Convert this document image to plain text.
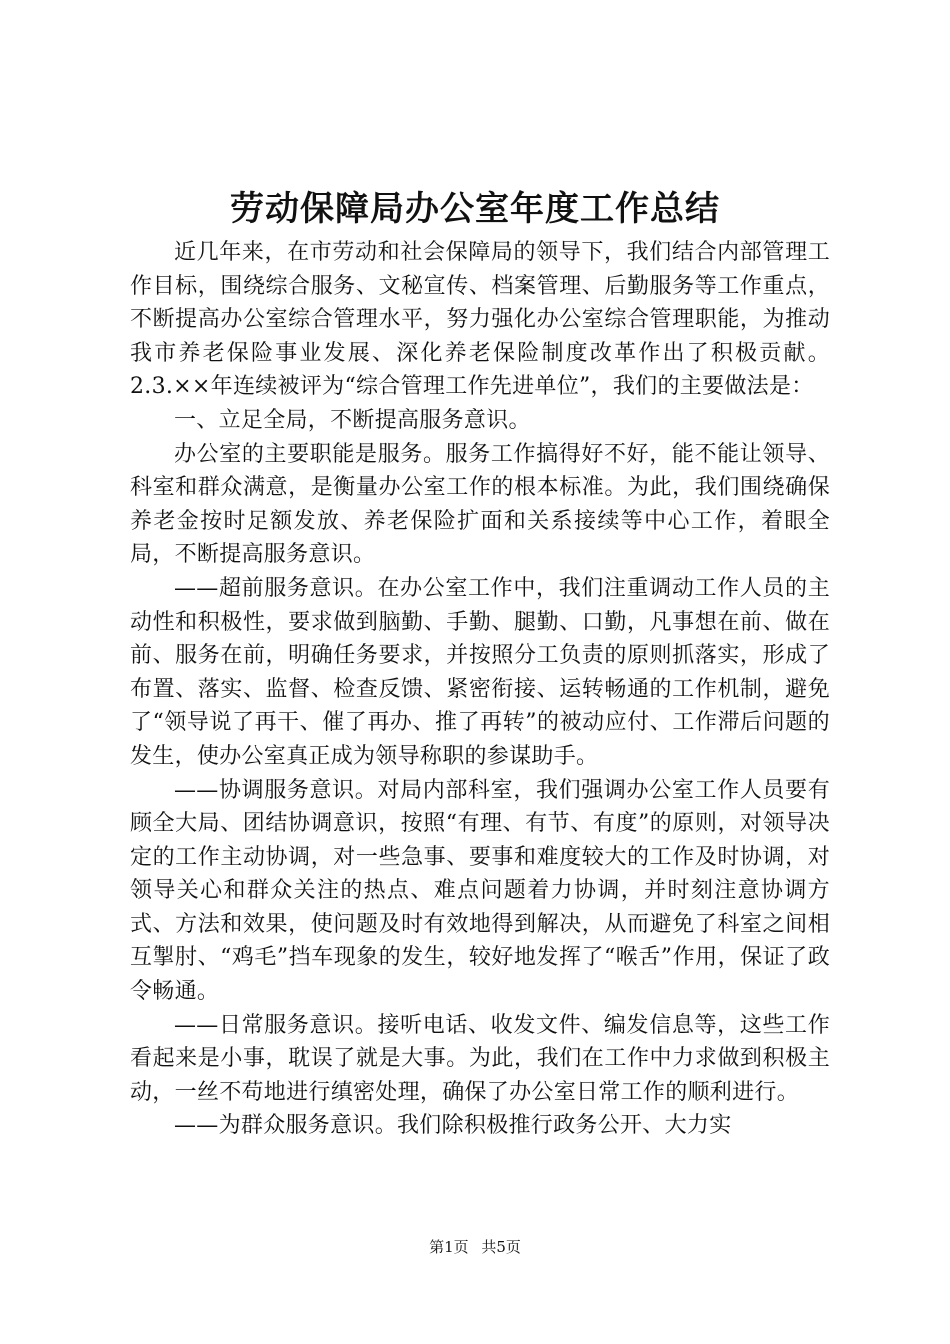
劳动保障局办公室年度工作总结

近几年来，在市劳动和社会保障局的领导下，我们结合内部管理工作目标，围绕综合服务、文秘宣传、档案管理、后勤服务等工作重点，不断提高办公室综合管理水平，努力强化办公室综合管理职能，为推动我市养老保险事业发展、深化养老保险制度改革作出了积极贡献。2.3.××年连续被评为“综合管理工作先进单位”，我们的主要做法是：

一、立足全局，不断提高服务意识。

办公室的主要职能是服务。服务工作搞得好不好，能不能让领导、科室和群众满意，是衡量办公室工作的根本标准。为此，我们围绕确保养老金按时足额发放、养老保险扩面和关系接续等中心工作，着眼全局，不断提高服务意识。

——超前服务意识。在办公室工作中，我们注重调动工作人员的主动性和积极性，要求做到脑勤、手勤、腿勤、口勤，凡事想在前、做在前、服务在前，明确任务要求，并按照分工负责的原则抓落实，形成了布置、落实、监督、检查反馈、紧密衔接、运转畅通的工作机制，避免了“领导说了再干、催了再办、推了再转”的被动应付、工作滞后问题的发生，使办公室真正成为领导称职的参谋助手。

——协调服务意识。对局内部科室，我们强调办公室工作人员要有顾全大局、团结协调意识，按照“有理、有节、有度”的原则，对领导决定的工作主动协调，对一些急事、要事和难度较大的工作及时协调，对领导关心和群众关注的热点、难点问题着力协调，并时刻注意协调方式、方法和效果，使问题及时有效地得到解决，从而避免了科室之间相互掣肘、“鸡毛”挡车现象的发生，较好地发挥了“喉舌”作用，保证了政令畅通。

——日常服务意识。接听电话、收发文件、编发信息等，这些工作看起来是小事，耽误了就是大事。为此，我们在工作中力求做到积极主动，一丝不苟地进行缜密处理，确保了办公室日常工作的顺利进行。

——为群众服务意识。我们除积极推行政务公开、大力实

第1页 共5页
